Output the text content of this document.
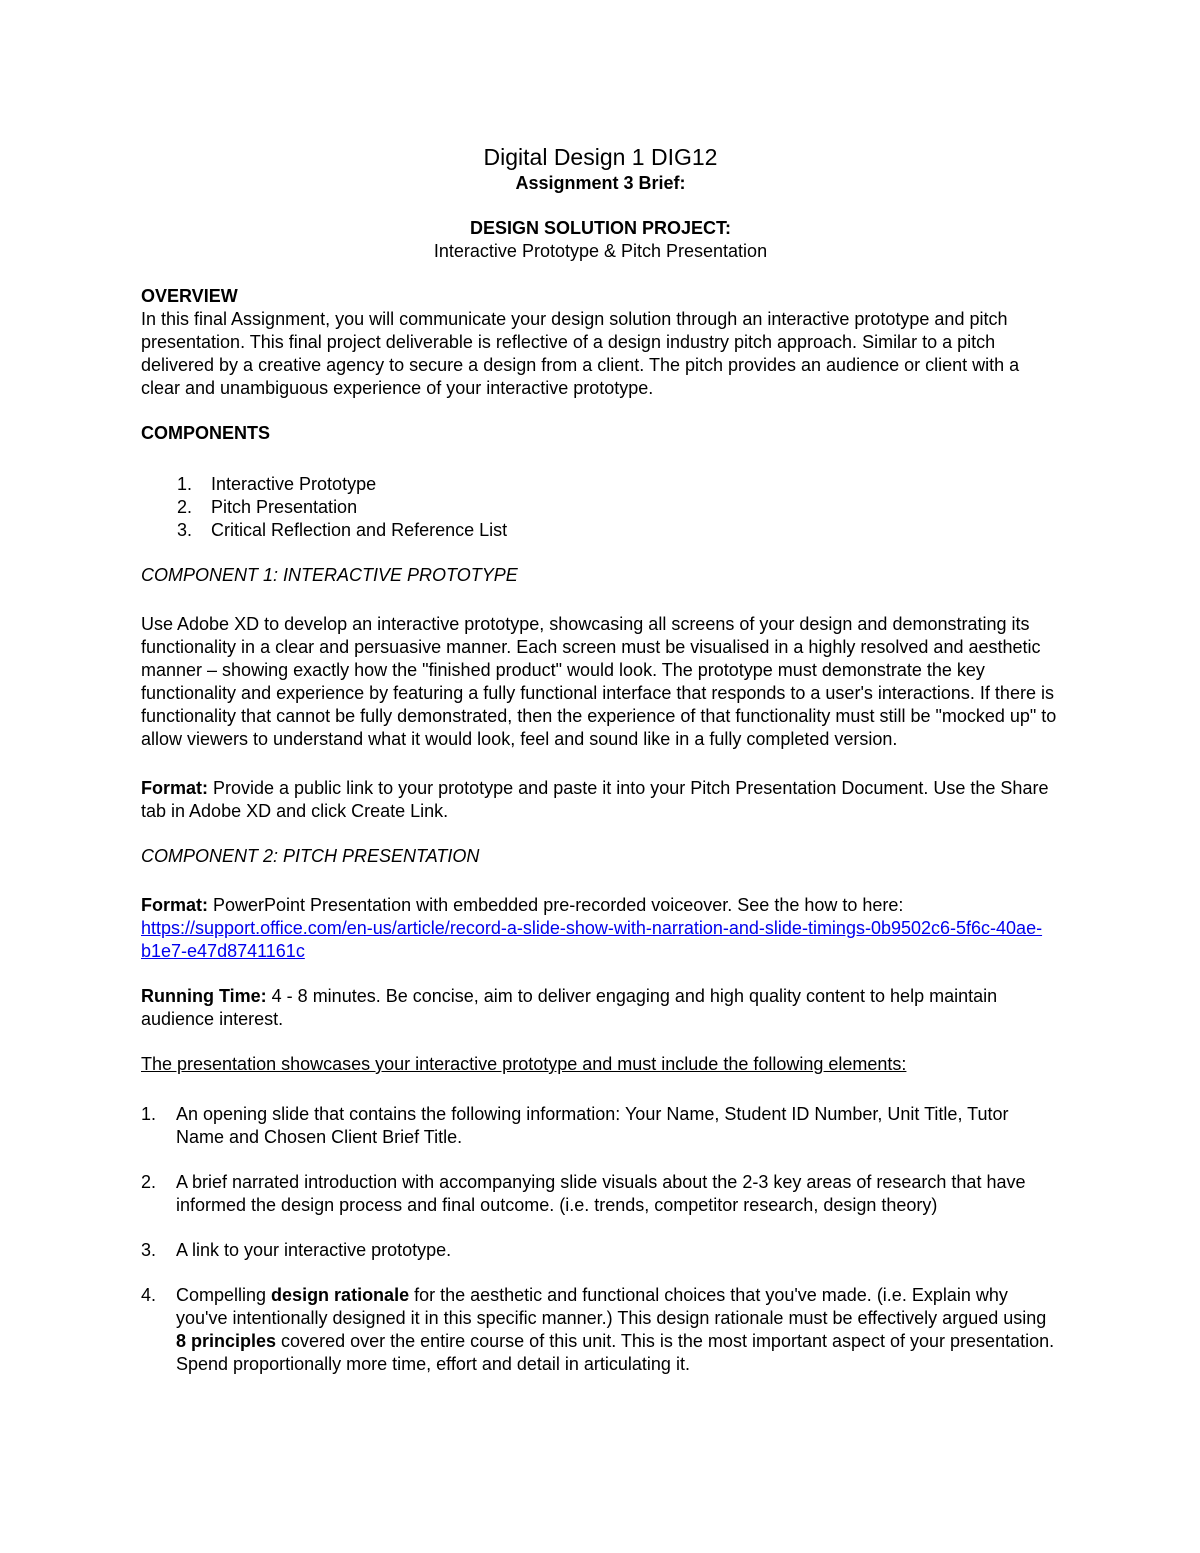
Digital Design 1 DIG12
Assignment 3 Brief:
DESIGN SOLUTION PROJECT:
Interactive Prototype & Pitch Presentation

OVERVIEW

In this final Assignment, you will communicate your design solution through an interactive prototype and pitch presentation. This final project deliverable is reflective of a design industry pitch approach. Similar to a pitch delivered by a creative agency to secure a design from a client. The pitch provides an audience or client with a clear and unambiguous experience of your interactive prototype.

COMPONENTS

1. Interactive Prototype
2. Pitch Presentation
3. Critical Reflection and Reference List

COMPONENT 1: INTERACTIVE PROTOTYPE

Use Adobe XD to develop an interactive prototype, showcasing all screens of your design and demonstrating its functionality in a clear and persuasive manner. Each screen must be visualised in a highly resolved and aesthetic manner – showing exactly how the "finished product" would look. The prototype must demonstrate the key functionality and experience by featuring a fully functional interface that responds to a user's interactions. If there is functionality that cannot be fully demonstrated, then the experience of that functionality must still be "mocked up" to allow viewers to understand what it would look, feel and sound like in a fully completed version.

Format: Provide a public link to your prototype and paste it into your Pitch Presentation Document. Use the Share tab in Adobe XD and click Create Link.

COMPONENT 2: PITCH PRESENTATION

Format: PowerPoint Presentation with embedded pre-recorded voiceover. See the how to here:
https://support.office.com/en-us/article/record-a-slide-show-with-narration-and-slide-timings-0b9502c6-5f6c-40ae-b1e7-e47d8741161c

Running Time: 4 - 8 minutes. Be concise, aim to deliver engaging and high quality content to help maintain audience interest.

The presentation showcases your interactive prototype and must include the following elements:

1. An opening slide that contains the following information: Your Name, Student ID Number, Unit Title, Tutor Name and Chosen Client Brief Title.
2. A brief narrated introduction with accompanying slide visuals about the 2-3 key areas of research that have informed the design process and final outcome. (i.e. trends, competitor research, design theory)
3. A link to your interactive prototype.
4. Compelling design rationale for the aesthetic and functional choices that you've made. (i.e. Explain why you've intentionally designed it in this specific manner.) This design rationale must be effectively argued using 8 principles covered over the entire course of this unit. This is the most important aspect of your presentation. Spend proportionally more time, effort and detail in articulating it.
